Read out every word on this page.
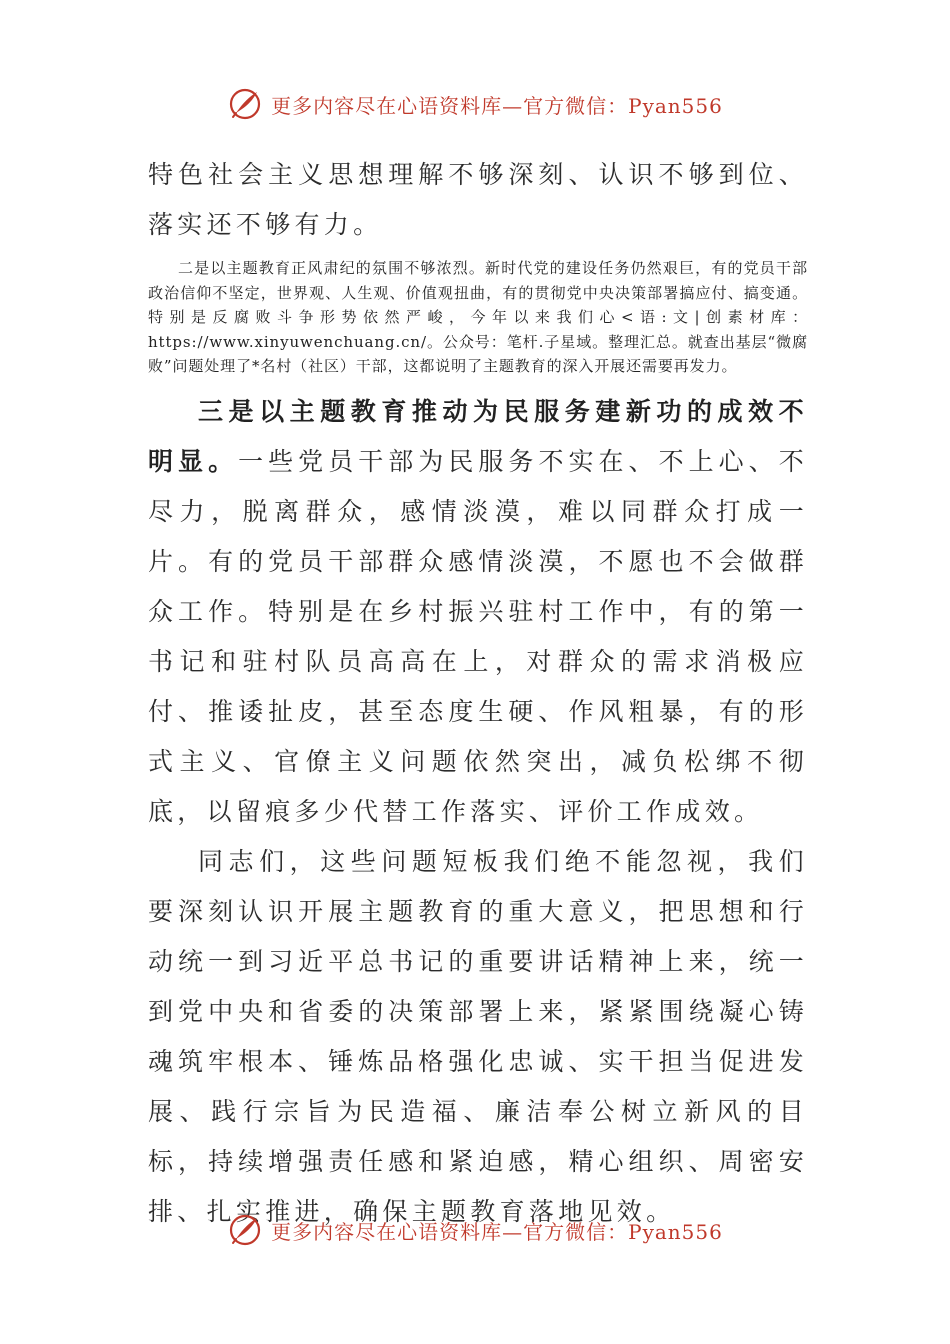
更多内容尽在心语资料库—官方微信：Pyan556

特色社会主义思想理解不够深刻、认识不够到位、落实还不够有力。

二是以主题教育正风肃纪的氛围不够浓烈。新时代党的建设任务仍然艰巨，有的党员干部政治信仰不坚定，世界观、人生观、价值观扭曲，有的贯彻党中央决策部署搞应付、搞变通。特别是反腐败斗争形势依然严峻，今年以来我们心<语:文|创素材库：https://www.xinyuwenchuang.cn/。公众号：笔杆.子星域。整理汇总。就查出基层“微腐败”问题处理了*名村（社区）干部，这都说明了主题教育的深入开展还需要再发力。

三是以主题教育推动为民服务建新功的成效不明显。一些党员干部为民服务不实在、不上心、不尽力，脱离群众，感情淡漠，难以同群众打成一片。有的党员干部群众感情淡漠，不愿也不会做群众工作。特别是在乡村振兴驻村工作中，有的第一书记和驻村队员高高在上，对群众的需求消极应付、推诿扯皮，甚至态度生硬、作风粗暴，有的形式主义、官僚主义问题依然突出，减负松绑不彻底，以留痕多少代替工作落实、评价工作成效。

同志们，这些问题短板我们绝不能忽视，我们要深刻认识开展主题教育的重大意义，把思想和行动统一到习近平总书记的重要讲话精神上来，统一到党中央和省委的决策部署上来，紧紧围绕凝心铸魂筑牢根本、锤炼品格强化忠诚、实干担当促进发展、践行宗旨为民造福、廉洁奉公树立新风的目标，持续增强责任感和紧迫感，精心组织、周密安排、扎实推进，确保主题教育落地见效。

更多内容尽在心语资料库—官方微信：Pyan556
